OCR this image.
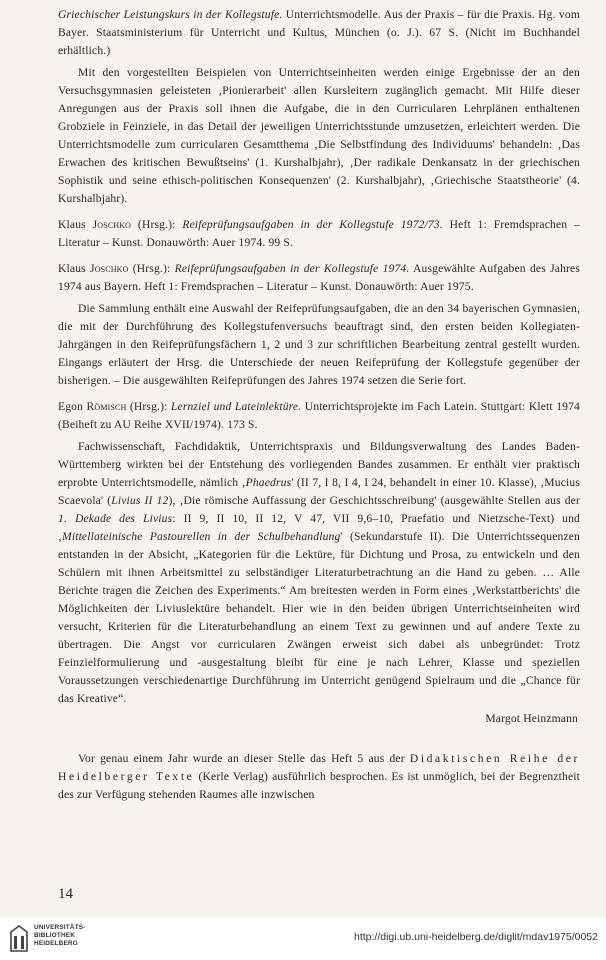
Griechischer Leistungskurs in der Kollegstufe. Unterrichtsmodelle. Aus der Praxis – für die Praxis. Hg. vom Bayer. Staatsministerium für Unterricht und Kultus, München (o. J.). 67 S. (Nicht im Buchhandel erhältlich.)

Mit den vorgestellten Beispielen von Unterrichtseinheiten werden einige Ergebnisse der an den Versuchsgymnasien geleisteten ‚Pionierarbeit' allen Kursleitern zugänglich gemacht. Mit Hilfe dieser Anregungen aus der Praxis soll ihnen die Aufgabe, die in den Curricularen Lehrplänen enthaltenen Grobziele in Feinziele, in das Detail der jeweiligen Unterrichtsstunde umzusetzen, erleichtert werden. Die Unterrichtsmodelle zum curricularen Gesamtthema ‚Die Selbstfindung des Individuums' behandeln: ‚Das Erwachen des kritischen Bewußtseins' (1. Kurshalbjahr), ‚Der radikale Denkansatz in der griechischen Sophistik und seine ethisch-politischen Konsequenzen' (2. Kurshalbjahr), ‚Griechische Staatstheorie' (4. Kurshalbjahr).

Klaus Joschko (Hrsg.): Reifeprüfungsaufgaben in der Kollegstufe 1972/73. Heft 1: Fremdsprachen – Literatur – Kunst. Donauwörth: Auer 1974. 99 S.

Klaus Joschko (Hrsg.): Reifeprüfungsaufgaben in der Kollegstufe 1974. Ausgewählte Aufgaben des Jahres 1974 aus Bayern. Heft 1: Fremdsprachen – Literatur – Kunst. Donauwörth: Auer 1975.

Die Sammlung enthält eine Auswahl der Reifeprüfungsaufgaben, die an den 34 bayerischen Gymnasien, die mit der Durchführung des Kollegstufenversuchs beauftragt sind, den ersten beiden Kollegiaten-Jahrgängen in den Reifeprüfungsfächern 1, 2 und 3 zur schriftlichen Bearbeitung zentral gestellt wurden. Eingangs erläutert der Hrsg. die Unterschiede der neuen Reifeprüfung der Kollegstufe gegenüber der bisherigen. – Die ausgewählten Reifeprüfungen des Jahres 1974 setzen die Serie fort.

Egon Römisch (Hrsg.): Lernziel und Lateinlektüre. Unterrichtsprojekte im Fach Latein. Stuttgart: Klett 1974 (Beiheft zu AU Reihe XVII/1974). 173 S.

Fachwissenschaft, Fachdidaktik, Unterrichtspraxis und Bildungsverwaltung des Landes Baden-Württemberg wirkten bei der Entstehung des vorliegenden Bandes zusammen. Er enthält vier praktisch erprobte Unterrichtsmodelle, nämlich ‚Phaedrus' (II 7, I 8, I 4, I 24, behandelt in einer 10. Klasse), ‚Mucius Scaevola' (Livius II 12), ‚Die römische Auffassung der Geschichtsschreibung' (ausgewählte Stellen aus der 1. Dekade des Livius: II 9, II 10, II 12, V 47, VII 9,6–10, Praefatio und Nietzsche-Text) und ‚Mittellateinische Pastourellen in der Schulbehandlung' (Sekundarstufe II). Die Unterrichtssequenzen entstanden in der Absicht, „Kategorien für die Lektüre, für Dichtung und Prosa, zu entwickeln und den Schülern mit ihnen Arbeitsmittel zu selbständiger Literaturbetrachtung an die Hand zu geben. … Alle Berichte tragen die Zeichen des Experiments.“ Am breitesten werden in Form eines ‚Werkstattberichts' die Möglichkeiten der Liviuslektüre behandelt. Hier wie in den beiden übrigen Unterrichtseinheiten wird versucht, Kriterien für die Literaturbehandlung an einem Text zu gewinnen und auf andere Texte zu übertragen. Die Angst vor curricularen Zwängen erweist sich dabei als unbegründet: Trotz Feinzielformulierung und -ausgestaltung bleibt für eine je nach Lehrer, Klasse und speziellen Voraussetzungen verschiedenartige Durchführung im Unterricht genügend Spielraum und die „Chance für das Kreative“.

Margot Heinzmann

Vor genau einem Jahr wurde an dieser Stelle das Heft 5 aus der Didaktischen Reihe der Heidelberger Texte (Kerle Verlag) ausführlich besprochen. Es ist unmöglich, bei der Begrenztheit des zur Verfügung stehenden Raumes alle inzwischen

14
UNIVERSITÄTS-
BIBLIOTHEK
HEIDELBERG
http://digi.ub.uni-heidelberg.de/diglit/mdav1975/0052
